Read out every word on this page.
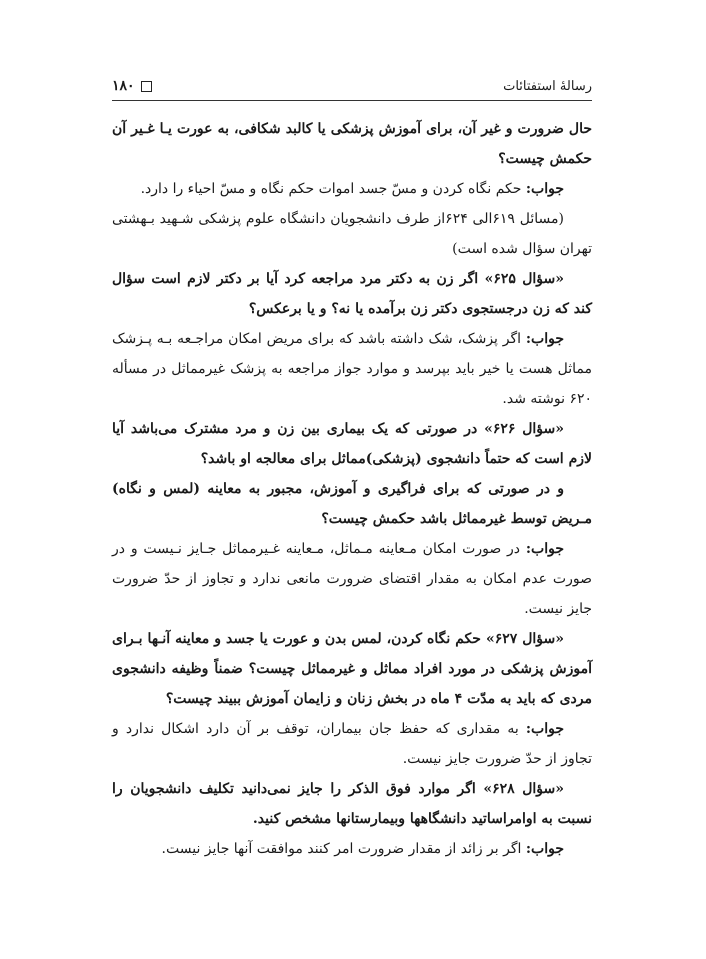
۱۸۰	رسالهٔ استفتائات

حال ضرورت و غیر آن، برای آموزش پزشکی یا کالبد شکافی، به عورت یـا غـیر آن حکمش چیست؟

جواب: حکم نگاه کردن و مسّ جسد اموات حکم نگاه و مسّ احیاء را دارد.

(مسائل ۶۱۹الی ۶۲۴از طرف دانشجویان دانشگاه علوم پزشکی شـهید بـهشتی تهران سؤال شده است)

«سؤال ۶۲۵» اگر زن به دکتر مرد مراجعه کرد آیا بر دکتر لازم است سؤال کند که زن درجستجوی دکتر زن برآمده یا نه؟ و یا برعکس؟

جواب: اگر پزشک، شک داشته باشد که برای مریض امکان مراجـعه بـه پـزشک مماثل هست یا خیر باید بپرسد و موارد جواز مراجعه به پزشک غیرمماثل در مسأله ۶۲۰ نوشته شد.

«سؤال ۶۲۶» در صورتی که یک بیماری بین زن و مرد مشترک می‌باشد آیا لازم است که حتماً دانشجوی (پزشکی)مماثل برای معالجه او باشد؟

و در صورتی که برای فراگیری و آموزش، مجبور به معاینه (لمس و نگاه) مـریض توسط غیرمماثل باشد حکمش چیست؟

جواب: در صورت امکان مـعاینه مـماثل، مـعاینه غـیرمماثل جـایز نـیست و در صورت عدم امکان به مقدار اقتضای ضرورت مانعی ندارد و تجاوز از حدّ ضرورت جایز نیست.

«سؤال ۶۲۷» حکم نگاه کردن، لمس بدن و عورت یا جسد و معاینه آنـها بـرای آموزش پزشکی در مورد افراد مماثل و غیرمماثل چیست؟ ضمناً وظیفه دانشجوی مردی که باید به مدّت ۴ ماه در بخش زنان و زایمان آموزش ببیند چیست؟

جواب: به مقداری که حفظ جان بیماران، توقف بر آن دارد اشکال ندارد و تجاوز از حدّ ضرورت جایز نیست.

«سؤال ۶۲۸» اگر موارد فوق الذکر را جایز نمی‌دانید تکلیف دانشجویان را نسبت به اوامراساتید دانشگاهها وبیمارستانها مشخص کنید.

جواب: اگر بر زائد از مقدار ضرورت امر کنند موافقت آنها جایز نیست.
